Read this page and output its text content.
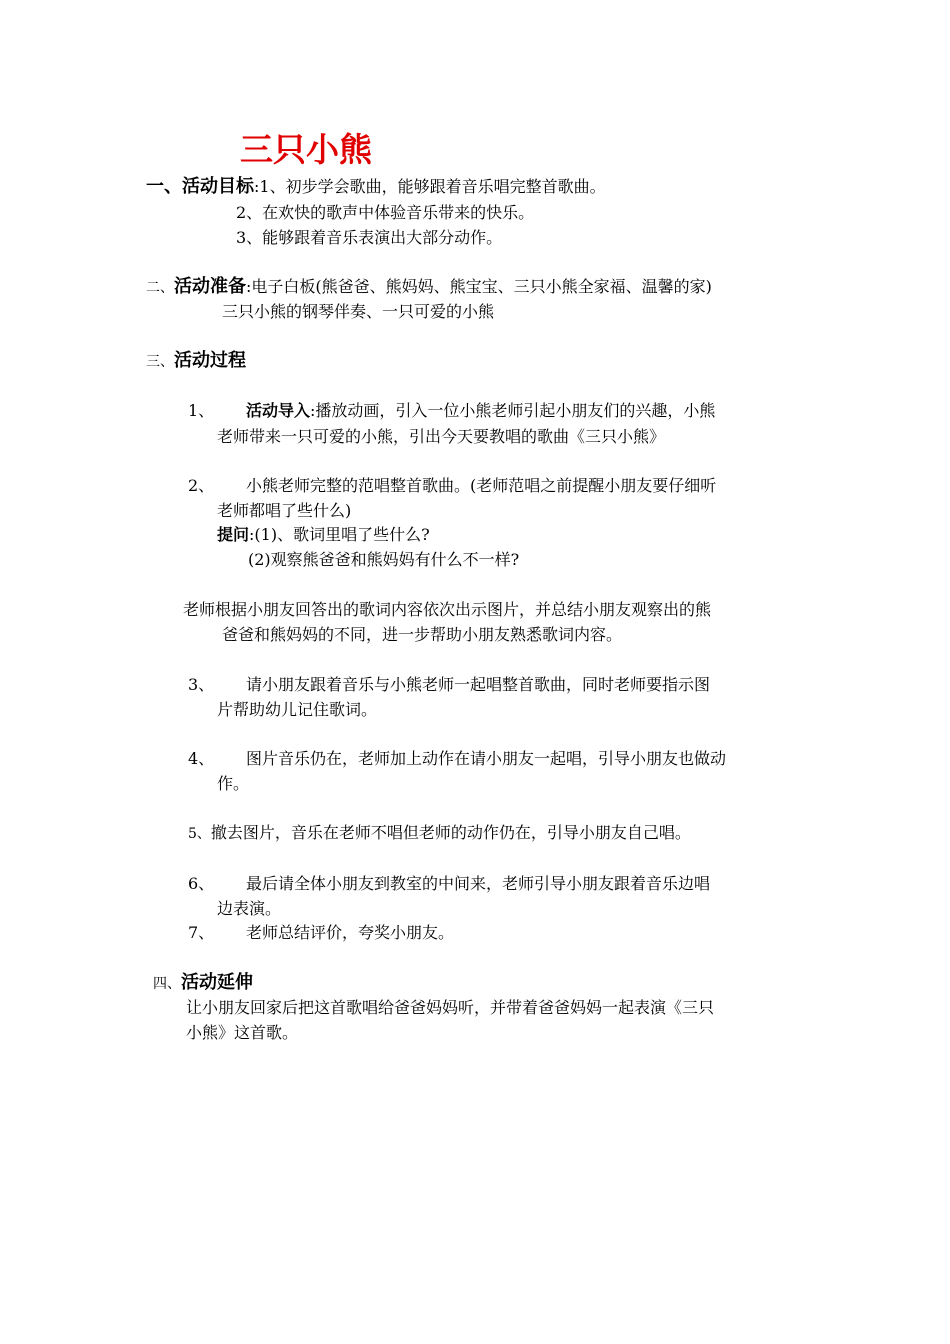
三只小熊
一、活动目标:1、初步学会歌曲，能够跟着音乐唱完整首歌曲。
2、在欢快的歌声中体验音乐带来的快乐。
3、能够跟着音乐表演出大部分动作。
二、活动准备:电子白板(熊爸爸、熊妈妈、熊宝宝、三只小熊全家福、温馨的家)
三只小熊的钢琴伴奏、一只可爱的小熊
三、活动过程
1、 活动导入:播放动画，引入一位小熊老师引起小朋友们的兴趣，小熊
老师带来一只可爱的小熊，引出今天要教唱的歌曲《三只小熊》
2、 小熊老师完整的范唱整首歌曲。(老师范唱之前提醒小朋友要仔细听
老师都唱了些什么)
提问:(1)、歌词里唱了些什么?
(2)观察熊爸爸和熊妈妈有什么不一样?
老师根据小朋友回答出的歌词内容依次出示图片，并总结小朋友观察出的熊
爸爸和熊妈妈的不同，进一步帮助小朋友熟悉歌词内容。
3、 请小朋友跟着音乐与小熊老师一起唱整首歌曲，同时老师要指示图
片帮助幼儿记住歌词。
4、 图片音乐仍在，老师加上动作在请小朋友一起唱，引导小朋友也做动
作。
5、撤去图片，音乐在老师不唱但老师的动作仍在，引导小朋友自己唱。
6、 最后请全体小朋友到教室的中间来，老师引导小朋友跟着音乐边唱
边表演。
7、 老师总结评价，夸奖小朋友。
四、活动延伸
让小朋友回家后把这首歌唱给爸爸妈妈听，并带着爸爸妈妈一起表演《三只
小熊》这首歌。
